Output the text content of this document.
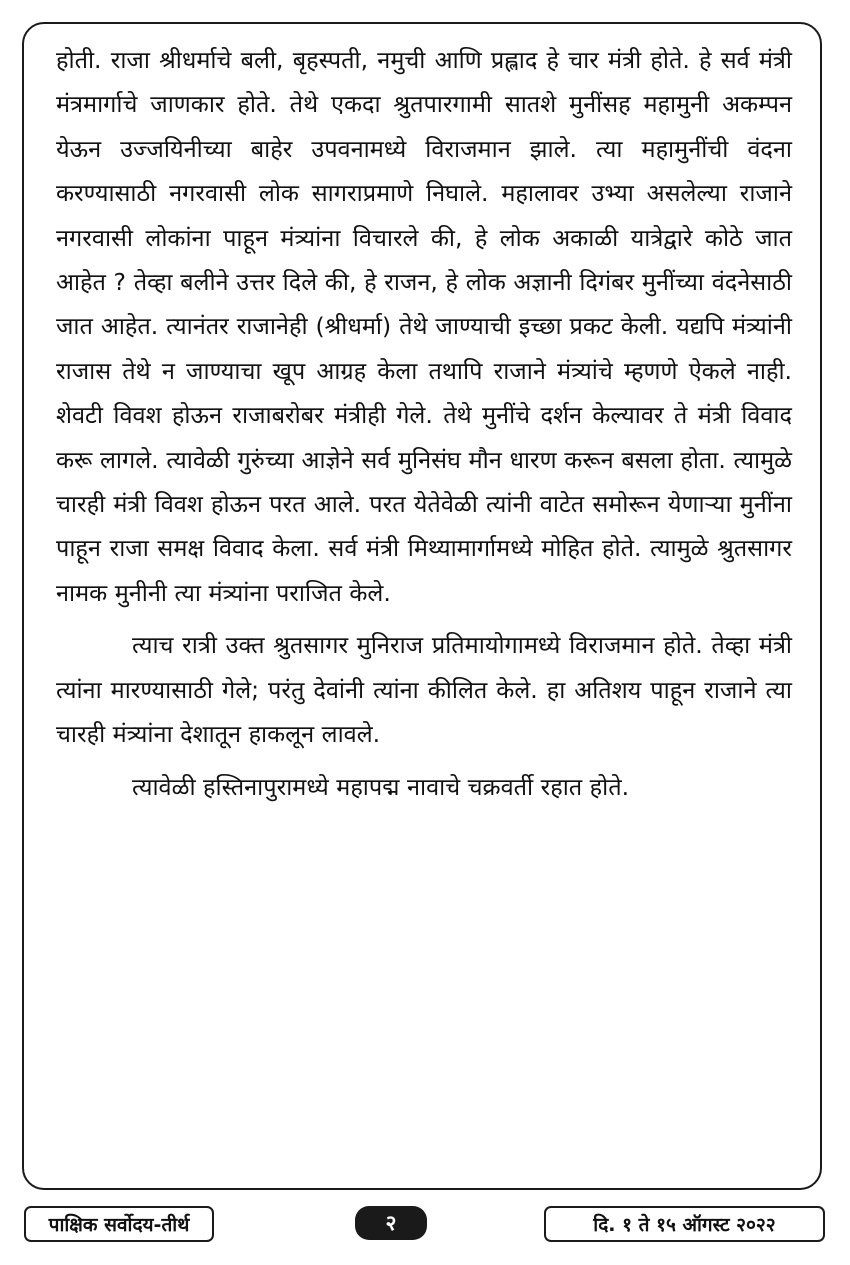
होती. राजा श्रीधर्माचे बली, बृहस्पती, नमुची आणि प्रह्लाद हे चार मंत्री होते. हे सर्व मंत्री मंत्रमार्गाचे जाणकार होते. तेथे एकदा श्रुतपारगामी सातशे मुनींसह महामुनी अकम्पन येऊन उज्जयिनीच्या बाहेर उपवनामध्ये विराजमान झाले. त्या महामुनींची वंदना करण्यासाठी नगरवासी लोक सागराप्रमाणे निघाले. महालावर उभ्या असलेल्या राजाने नगरवासी लोकांना पाहून मंत्र्यांना विचारले की, हे लोक अकाळी यात्रेद्वारे कोठे जात आहेत ? तेव्हा बलीने उत्तर दिले की, हे राजन, हे लोक अज्ञानी दिगंबर मुनींच्या वंदनेसाठी जात आहेत. त्यानंतर राजानेही (श्रीधर्मा) तेथे जाण्याची इच्छा प्रकट केली. यद्यपि मंत्र्यांनी राजास तेथे न जाण्याचा खूप आग्रह केला तथापि राजाने मंत्र्यांचे म्हणणे ऐकले नाही. शेवटी विवश होऊन राजाबरोबर मंत्रीही गेले. तेथे मुनींचे दर्शन केल्यावर ते मंत्री विवाद करू लागले. त्यावेळी गुरुंच्या आज्ञेने सर्व मुनिसंघ मौन धारण करून बसला होता. त्यामुळे चारही मंत्री विवश होऊन परत आले. परत येतेवेळी त्यांनी वाटेत समोरून येणाऱ्या मुनींना पाहून राजा समक्ष विवाद केला. सर्व मंत्री मिथ्यामार्गामध्ये मोहित होते. त्यामुळे श्रुतसागर नामक मुनीनी त्या मंत्र्यांना पराजित केले.

त्याच रात्री उक्त श्रुतसागर मुनिराज प्रतिमायोगामध्ये विराजमान होते. तेव्हा मंत्री त्यांना मारण्यासाठी गेले; परंतु देवांनी त्यांना कीलित केले. हा अतिशय पाहून राजाने त्या चारही मंत्र्यांना देशातून हाकलून लावले.

त्यावेळी हस्तिनापुरामध्ये महापद्म नावाचे चक्रवर्ती रहात होते.

पाक्षिक सर्वोदय-तीर्थ	२	दि. १ ते १५ ऑगस्ट २०२२
